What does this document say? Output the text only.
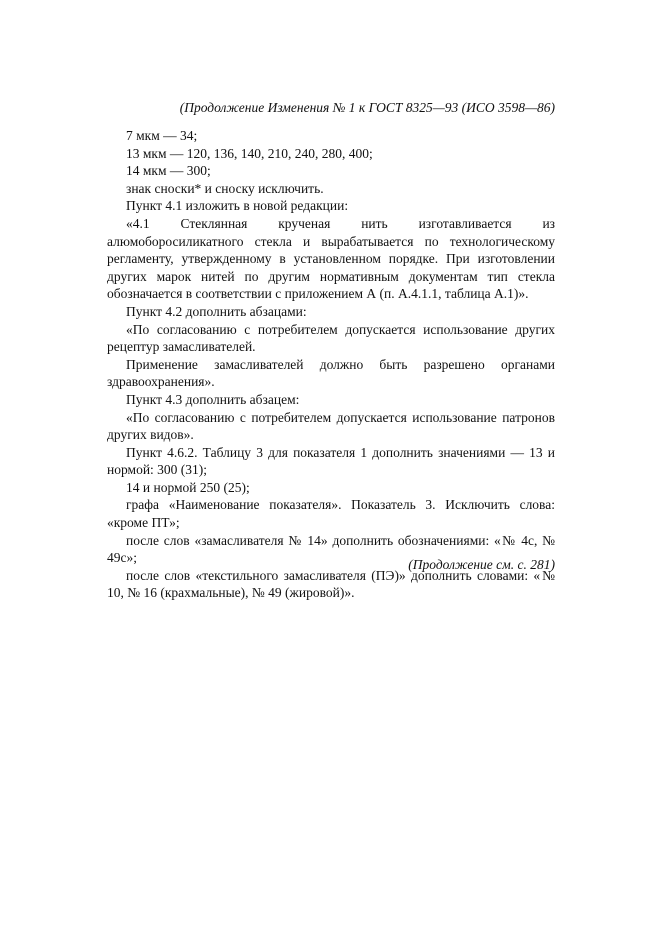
(Продолжение Изменения № 1 к ГОСТ 8325—93 (ИСО 3598—86)

7 мкм — 34;

13 мкм — 120, 136, 140, 210, 240, 280, 400;

14 мкм — 300;

знак сноски* и сноску исключить.

Пункт 4.1 изложить в новой редакции:

«4.1 Стеклянная крученая нить изготавливается из алюмоборосиликатного стекла и вырабатывается по технологическому регламенту, утвержденному в установленном порядке. При изготовлении других марок нитей по другим нормативным документам тип стекла обозначается в соответствии с приложением А (п. А.4.1.1, таблица А.1)».

Пункт 4.2 дополнить абзацами:

«По согласованию с потребителем допускается использование других рецептур замасливателей.

Применение замасливателей должно быть разрешено органами здравоохранения».

Пункт 4.3 дополнить абзацем:

«По согласованию с потребителем допускается использование патронов других видов».

Пункт 4.6.2. Таблицу 3 для показателя 1 дополнить значениями — 13 и нормой: 300 (31);

14 и нормой 250 (25);

графа «Наименование показателя». Показатель 3. Исключить слова: «кроме ПТ»;

после слов «замасливателя № 14» дополнить обозначениями: «№ 4с, № 49с»;

после слов «текстильного замасливателя (ПЭ)» дополнить словами: «№ 10, № 16 (крахмальные), № 49 (жировой)».

(Продолжение см. с. 281)
